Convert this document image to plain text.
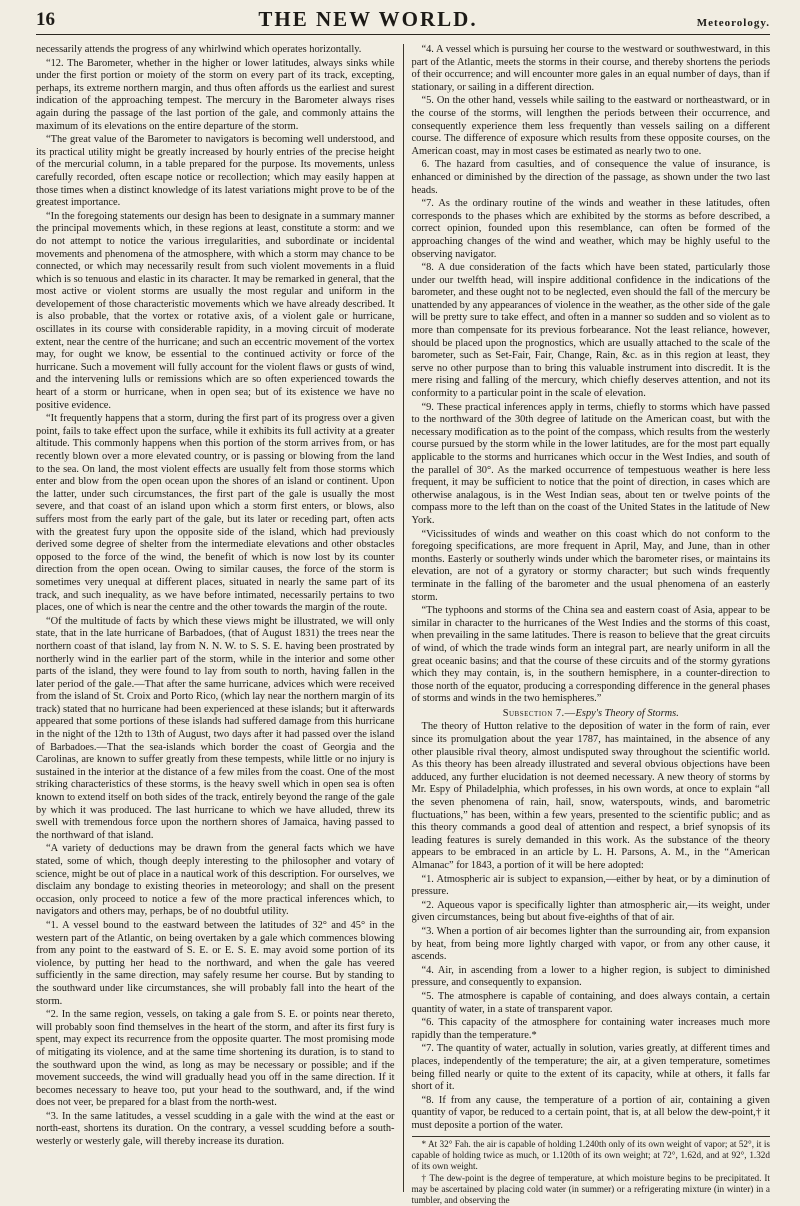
16	THE NEW WORLD.	Meteorology.

necessarily attends the progress of any whirlwind which operates horizontally.

“12. The Barometer, whether in the higher or lower latitudes, always sinks while under the first portion or moiety of the storm on every part of its track, excepting, perhaps, its extreme northern margin, and thus often affords us the earliest and surest indication of the approaching tempest. The mercury in the Barometer always rises again during the passage of the last portion of the gale, and commonly attains the maximum of its elevations on the entire departure of the storm.

“The great value of the Barometer to navigators is becoming well understood, and its practical utility might be greatly increased by hourly entries of the precise height of the mercurial column, in a table prepared for the purpose. Its movements, unless carefully recorded, often escape notice or recollection; which may easily happen at those times when a distinct knowledge of its latest variations might prove to be of the greatest importance.

“In the foregoing statements our design has been to designate in a summary manner the principal movements which, in these regions at least, constitute a storm: and we do not attempt to notice the various irregularities, and subordinate or incidental movements and phenomena of the atmosphere, with which a storm may chance to be connected, or which may necessarily result from such violent movements in a fluid which is so tenuous and elastic in its character. It may be remarked in general, that the most active or violent storms are usually the most regular and uniform in the developement of those characteristic movements which we have already described. It is also probable, that the vortex or rotative axis, of a violent gale or hurricane, oscillates in its course with considerable rapidity, in a moving circuit of moderate extent, near the centre of the hurricane; and such an eccentric movement of the vortex may, for ought we know, be essential to the continued activity or force of the hurricane. Such a movement will fully account for the violent flaws or gusts of wind, and the intervening lulls or remissions which are so often experienced towards the heart of a storm or hurricane, when in open sea; but of its existence we have no positive evidence.

“It frequently happens that a storm, during the first part of its progress over a given point, fails to take effect upon the surface, while it exhibits its full activity at a greater altitude. This commonly happens when this portion of the storm arrives from, or has recently blown over a more elevated country, or is passing or blowing from the land to the sea. On land, the most violent effects are usually felt from those storms which enter and blow from the open ocean upon the shores of an island or continent. Upon the latter, under such circumstances, the first part of the gale is usually the most severe, and that coast of an island upon which a storm first enters, or blows, also suffers most from the early part of the gale, but its later or receding part, often acts with the greatest fury upon the opposite side of the island, which had previously derived some degree of shelter from the intermediate elevations and other obstacles opposed to the force of the wind, the benefit of which is now lost by its counter direction from the open ocean. Owing to similar causes, the force of the storm is sometimes very unequal at different places, situated in nearly the same part of its track, and such inequality, as we have before intimated, necessarily pertains to two places, one of which is near the centre and the other towards the margin of the route.

“Of the multitude of facts by which these views might be illustrated, we will only state, that in the late hurricane of Barbadoes, (that of August 1831) the trees near the northern coast of that island, lay from N. N. W. to S. S. E. having been prostrated by northerly wind in the earlier part of the storm, while in the interior and some other parts of the island, they were found to lay from south to north, having fallen in the later period of the gale.—That after the same hurricane, advices which were received from the island of St. Croix and Porto Rico, (which lay near the northern margin of its track) stated that no hurricane had been experienced at these islands; but it afterwards appeared that some portions of these islands had suffered damage from this hurricane in the night of the 12th to 13th of August, two days after it had passed over the island of Barbadoes.—That the sea-islands which border the coast of Georgia and the Carolinas, are known to suffer greatly from these tempests, while little or no injury is sustained in the interior at the distance of a few miles from the coast. One of the most striking characteristics of these storms, is the heavy swell which in open sea is often known to extend itself on both sides of the track, entirely beyond the range of the gale by which it was produced. The last hurricane to which we have alluded, threw its swell with tremendous force upon the northern shores of Jamaica, having passed to the northward of that island.

“A variety of deductions may be drawn from the general facts which we have stated, some of which, though deeply interesting to the philosopher and votary of science, might be out of place in a nautical work of this description. For ourselves, we disclaim any bondage to existing theories in meteorology; and shall on the present occasion, only proceed to notice a few of the more practical inferences which, to navigators and others may, perhaps, be of no doubtful utility.

“1. A vessel bound to the eastward between the latitudes of 32° and 45° in the western part of the Atlantic, on being overtaken by a gale which commences blowing from any point to the eastward of S. E. or E. S. E. may avoid some portion of its violence, by putting her head to the northward, and when the gale has veered sufficiently in the same direction, may safely resume her course. But by standing to the southward under like circumstances, she will probably fall into the heart of the storm.

“2. In the same region, vessels, on taking a gale from S. E. or points near thereto, will probably soon find themselves in the heart of the storm, and after its first fury is spent, may expect its recurrence from the opposite quarter. The most promising mode of mitigating its violence, and at the same time shortening its duration, is to stand to the southward upon the wind, as long as may be necessary or possible; and if the movement succeeds, the wind will gradually head you off in the same direction. If it becomes necessary to heave too, put your head to the southward, and, if the wind does not veer, be prepared for a blast from the north-west.

“3. In the same latitudes, a vessel scudding in a gale with the wind at the east or north-east, shortens its duration. On the contrary, a vessel scudding before a south-westerly or westerly gale, will thereby increase its duration.

“4. A vessel which is pursuing her course to the westward or southwestward, in this part of the Atlantic, meets the storms in their course, and thereby shortens the periods of their occurrence; and will encounter more gales in an equal number of days, than if stationary, or sailing in a different direction.

“5. On the other hand, vessels while sailing to the eastward or northeastward, or in the course of the storms, will lengthen the periods between their occurrence, and consequently experience them less frequently than vessels sailing on a different course. The difference of exposure which results from these opposite courses, on the American coast, may in most cases be estimated as nearly two to one.

6. The hazard from casulties, and of consequence the value of insurance, is enhanced or diminished by the direction of the passage, as shown under the two last heads.

“7. As the ordinary routine of the winds and weather in these latitudes, often corresponds to the phases which are exhibited by the storms as before described, a correct opinion, founded upon this resemblance, can often be formed of the approaching changes of the wind and weather, which may be highly useful to the observing navigator.

“8. A due consideration of the facts which have been stated, particularly those under our twelfth head, will inspire additional confidence in the indications of the barometer, and these ought not to be neglected, even should the fall of the mercury be unattended by any appearances of violence in the weather, as the other side of the gale will be pretty sure to take effect, and often in a manner so sudden and so violent as to more than compensate for its previous forbearance. Not the least reliance, however, should be placed upon the prognostics, which are usually attached to the scale of the barometer, such as Set-Fair, Fair, Change, Rain, &c. as in this region at least, they serve no other purpose than to bring this valuable instrument into discredit. It is the mere rising and falling of the mercury, which chiefly deserves attention, and not its conformity to a particular point in the scale of elevation.

“9. These practical inferences apply in terms, chiefly to storms which have passed to the northward of the 30th degree of latitude on the American coast, but with the necessary modification as to the point of the compass, which results from the westerly course pursued by the storm while in the lower latitudes, are for the most part equally applicable to the storms and hurricanes which occur in the West Indies, and south of the parallel of 30°. As the marked occurrence of tempestuous weather is here less frequent, it may be sufficient to notice that the point of direction, in cases which are otherwise analagous, is in the West Indian seas, about ten or twelve points of the compass more to the left than on the coast of the United States in the latitude of New York.

“Vicissitudes of winds and weather on this coast which do not conform to the foregoing specifications, are more frequent in April, May, and June, than in other months. Easterly or southerly winds under which the barometer rises, or maintains its elevation, are not of a gyratory or stormy character; but such winds frequently terminate in the falling of the barometer and the usual phenomena of an easterly storm.

“The typhoons and storms of the China sea and eastern coast of Asia, appear to be similar in character to the hurricanes of the West Indies and the storms of this coast, when prevailing in the same latitudes. There is reason to believe that the great circuits of wind, of which the trade winds form an integral part, are nearly uniform in all the great oceanic basins; and that the course of these circuits and of the stormy gyrations which they may contain, is, in the southern hemisphere, in a counter-direction to those north of the equator, producing a corresponding difference in the general phases of storms and winds in the two hemispheres.”

Subsection 7.—Espy's Theory of Storms.

The theory of Hutton relative to the deposition of water in the form of rain, ever since its promulgation about the year 1787, has maintained, in the absence of any other plausible rival theory, almost undisputed sway throughout the scientific world. As this theory has been already illustrated and several obvious objections have been adduced, any further elucidation is not deemed necessary. A new theory of storms by Mr. Espy of Philadelphia, which professes, in his own words, at once to explain “all the seven phenomena of rain, hail, snow, waterspouts, winds, and barometric fluctuations,” has been, within a few years, presented to the scientific public; and as this theory commands a good deal of attention and respect, a brief synopsis of its leading features is surely demanded in this work. As the substance of the theory appears to be embraced in an article by L. H. Parsons, A. M., in the “American Almanac” for 1843, a portion of it will be here adopted:

“1. Atmospheric air is subject to expansion,—either by heat, or by a diminution of pressure.

“2. Aqueous vapor is specifically lighter than atmospheric air,—its weight, under given circumstances, being but about five-eighths of that of air.

“3. When a portion of air becomes lighter than the surrounding air, from expansion by heat, from being more lightly charged with vapor, or from any other cause, it ascends.

“4. Air, in ascending from a lower to a higher region, is subject to diminished pressure, and consequently to expansion.

“5. The atmosphere is capable of containing, and does always contain, a certain quantity of water, in a state of transparent vapor.

“6. This capacity of the atmosphere for containing water increases much more rapidly than the temperature.*

“7. The quantity of water, actually in solution, varies greatly, at different times and places, independently of the temperature; the air, at a given temperature, sometimes being filled nearly or quite to the extent of its capacity, while at others, it falls far short of it.

“8. If from any cause, the temperature of a portion of air, containing a given quantity of vapor, be reduced to a certain point, that is, at all below the dew-point,† it must deposite a portion of the water.

* At 32° Fah. the air is capable of holding 1.240th only of its own weight of vapor; at 52°, it is capable of holding twice as much, or 1.120th of its own weight; at 72°, 1.62d, and at 92°, 1.32d of its own weight.

† The dew-point is the degree of temperature, at which moisture begins to be precipitated. It may be ascertained by placing cold water (in summer) or a refrigerating mixture (in winter) in a tumbler, and observing the
